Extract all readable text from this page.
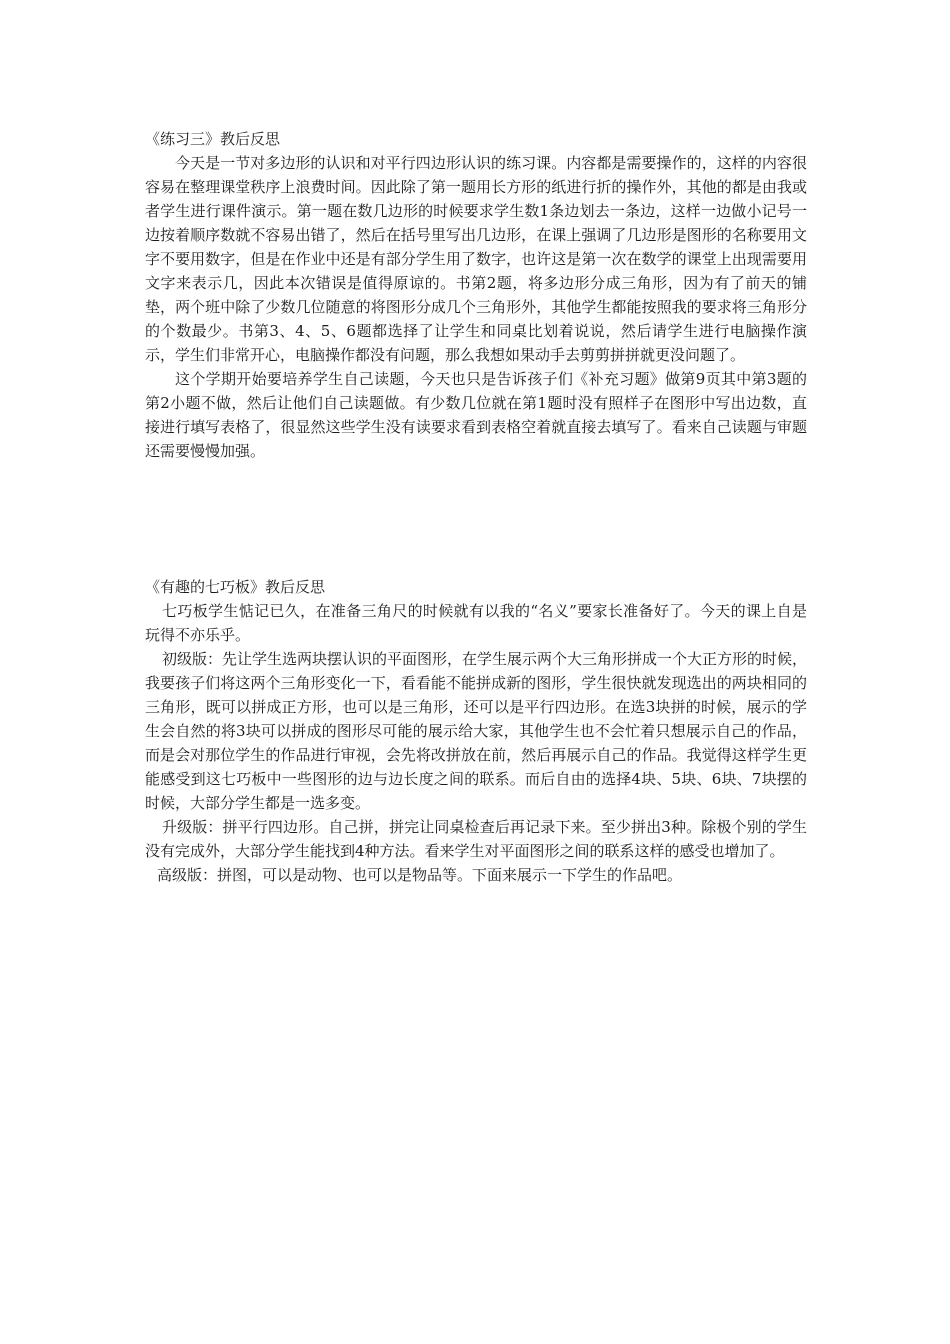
《练习三》教后反思

今天是一节对多边形的认识和对平行四边形认识的练习课。内容都是需要操作的，这样的内容很容易在整理课堂秩序上浪费时间。因此除了第一题用长方形的纸进行折的操作外，其他的都是由我或者学生进行课件演示。第一题在数几边形的时候要求学生数1条边划去一条边，这样一边做小记号一边按着顺序数就不容易出错了，然后在括号里写出几边形，在课上强调了几边形是图形的名称要用文字不要用数字，但是在作业中还是有部分学生用了数字，也许这是第一次在数学的课堂上出现需要用文字来表示几，因此本次错误是值得原谅的。书第2题，将多边形分成三角形，因为有了前天的铺垫，两个班中除了少数几位随意的将图形分成几个三角形外，其他学生都能按照我的要求将三角形分的个数最少。书第3、4、5、6题都选择了让学生和同桌比划着说说，然后请学生进行电脑操作演示，学生们非常开心，电脑操作都没有问题，那么我想如果动手去剪剪拼拼就更没问题了。

这个学期开始要培养学生自己读题，今天也只是告诉孩子们《补充习题》做第9页其中第3题的第2小题不做，然后让他们自己读题做。有少数几位就在第1题时没有照样子在图形中写出边数，直接进行填写表格了，很显然这些学生没有读要求看到表格空着就直接去填写了。看来自己读题与审题还需要慢慢加强。

《有趣的七巧板》教后反思

七巧板学生惦记已久，在准备三角尺的时候就有以我的“名义”要家长准备好了。今天的课上自是玩得不亦乐乎。

初级版：先让学生选两块摆认识的平面图形，在学生展示两个大三角形拼成一个大正方形的时候，我要孩子们将这两个三角形变化一下，看看能不能拼成新的图形，学生很快就发现选出的两块相同的三角形，既可以拼成正方形，也可以是三角形，还可以是平行四边形。在选3块拼的时候，展示的学生会自然的将3块可以拼成的图形尽可能的展示给大家，其他学生也不会忙着只想展示自己的作品，而是会对那位学生的作品进行审视，会先将改拼放在前，然后再展示自己的作品。我觉得这样学生更能感受到这七巧板中一些图形的边与边长度之间的联系。而后自由的选择4块、5块、6块、7块摆的时候，大部分学生都是一选多变。

升级版：拼平行四边形。自己拼，拼完让同桌检查后再记录下来。至少拼出3种。除极个别的学生没有完成外，大部分学生能找到4种方法。看来学生对平面图形之间的联系这样的感受也增加了。

高级版：拼图，可以是动物、也可以是物品等。下面来展示一下学生的作品吧。
